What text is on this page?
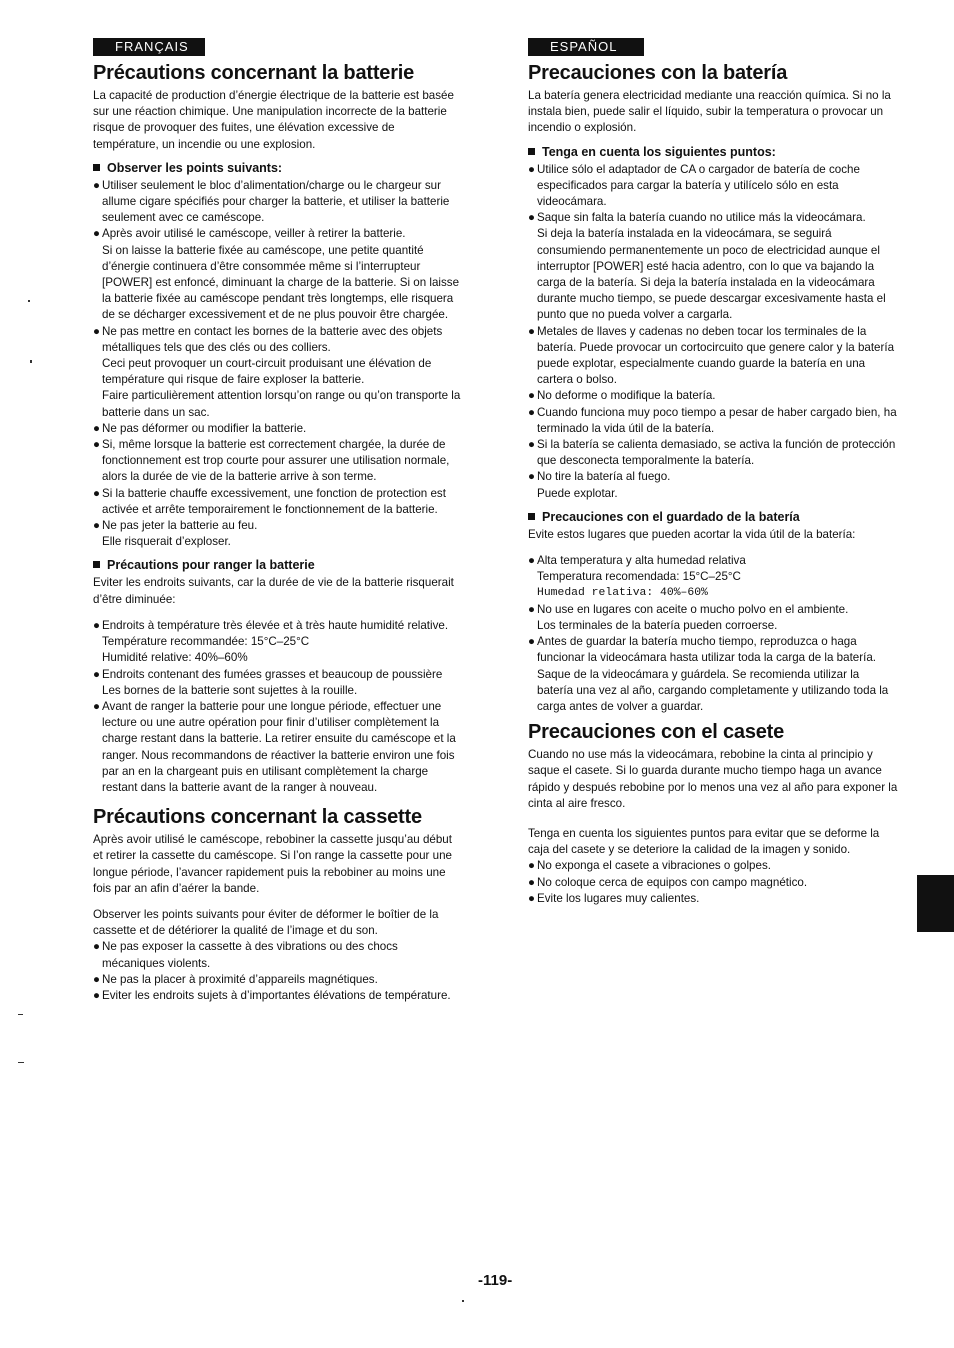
FRANÇAIS
Précautions concernant la batterie

La capacité de production d’énergie électrique de la batterie est basée sur une réaction chimique. Une manipulation incorrecte de la batterie risque de provoquer des fuites, une élévation excessive de température, un incendie ou une explosion.

Observer les points suivants:
● Utiliser seulement le bloc d’alimentation/charge ou le chargeur sur allume cigare spécifiés pour charger la batterie, et utiliser la batterie seulement avec ce caméscope.
● Après avoir utilisé le caméscope, veiller à retirer la batterie.
Si on laisse la batterie fixée au caméscope, une petite quantité d’énergie continuera d’être consommée même si l’interrupteur [POWER] est enfoncé, diminuant la charge de la batterie. Si on laisse la batterie fixée au caméscope pendant très longtemps, elle risquera de se décharger excessivement et de ne plus pouvoir être chargée.
● Ne pas mettre en contact les bornes de la batterie avec des objets métalliques tels que des clés ou des colliers.
Ceci peut provoquer un court-circuit produisant une élévation de température qui risque de faire exploser la batterie.
Faire particulièrement attention lorsqu’on range ou qu’on transporte la batterie dans un sac.
● Ne pas déformer ou modifier la batterie.
● Si, même lorsque la batterie est correctement chargée, la durée de fonctionnement est trop courte pour assurer une utilisation normale, alors la durée de vie de la batterie arrive à son terme.
● Si la batterie chauffe excessivement, une fonction de protection est activée et arrête temporairement le fonctionnement de la batterie.
● Ne pas jeter la batterie au feu.
Elle risquerait d’exploser.
Précautions pour ranger la batterie

Eviter les endroits suivants, car la durée de vie de la batterie risquerait d’être diminuée:

● Endroits à température très élevée et à très haute humidité relative.
Température recommandée: 15°C–25°C
Humidité relative: 40%–60%
● Endroits contenant des fumées grasses et beaucoup de poussière
Les bornes de la batterie sont sujettes à la rouille.
● Avant de ranger la batterie pour une longue période, effectuer une lecture ou une autre opération pour finir d’utiliser complètement la charge restant dans la batterie. La retirer ensuite du caméscope et la ranger. Nous recommandons de réactiver la batterie environ une fois par an en la chargeant puis en utilisant complètement la charge restant dans la batterie avant de la ranger à nouveau.
Précautions concernant la cassette

Après avoir utilisé le caméscope, rebobiner la cassette jusqu’au début et retirer la cassette du caméscope. Si l’on range la cassette pour une longue période, l’avancer rapidement puis la rebobiner au moins une fois par an afin d’aérer la bande.

Observer les points suivants pour éviter de déformer le boîtier de la cassette et de détériorer la qualité de l’image et du son.

● Ne pas exposer la cassette à des vibrations ou des chocs mécaniques violents.
● Ne pas la placer à proximité d’appareils magnétiques.
● Eviter les endroits sujets à d’importantes élévations de température.
ESPAÑOL
Precauciones con la batería

La batería genera electricidad mediante una reacción química. Si no la instala bien, puede salir el líquido, subir la temperatura o provocar un incendio o explosión.

Tenga en cuenta los siguientes puntos:
● Utilice sólo el adaptador de CA o cargador de batería de coche especificados para cargar la batería y utilícelo sólo en esta videocámara.
● Saque sin falta la batería cuando no utilice más la videocámara.
Si deja la batería instalada en la videocámara, se seguirá consumiendo permanentemente un poco de electricidad aunque el interruptor [POWER] esté hacia adentro, con lo que va bajando la carga de la batería. Si deja la batería instalada en la videocámara durante mucho tiempo, se puede descargar excesivamente hasta el punto que no pueda volver a cargarla.
● Metales de llaves y cadenas no deben tocar los terminales de la batería. Puede provocar un cortocircuito que genere calor y la batería puede explotar, especialmente cuando guarde la batería en una cartera o bolso.
● No deforme o modifique la batería.
● Cuando funciona muy poco tiempo a pesar de haber cargado bien, ha terminado la vida útil de la batería.
● Si la batería se calienta demasiado, se activa la función de protección que desconecta temporalmente la batería.
● No tire la batería al fuego.
Puede explotar.
Precauciones con el guardado de la batería

Evite estos lugares que pueden acortar la vida útil de la batería:

● Alta temperatura y alta humedad relativa
Temperatura recomendada: 15°C–25°C
Humedad relativa: 40%–60%
● No use en lugares con aceite o mucho polvo en el ambiente.
Los terminales de la batería pueden corroerse.
● Antes de guardar la batería mucho tiempo, reproduzca o haga funcionar la videocámara hasta utilizar toda la carga de la batería. Saque de la videocámara y guárdela. Se recomienda utilizar la batería una vez al año, cargando completamente y utilizando toda la carga antes de volver a guardar.
Precauciones con el casete

Cuando no use más la videocámara, rebobine la cinta al principio y saque el casete. Si lo guarda durante mucho tiempo haga un avance rápido y después rebobine por lo menos una vez al año para exponer la cinta al aire fresco.

Tenga en cuenta los siguientes puntos para evitar que se deforme la caja del casete y se deteriore la calidad de la imagen y sonido.

● No exponga el casete a vibraciones o golpes.
● No coloque cerca de equipos con campo magnético.
● Evite los lugares muy calientes.
-119-
